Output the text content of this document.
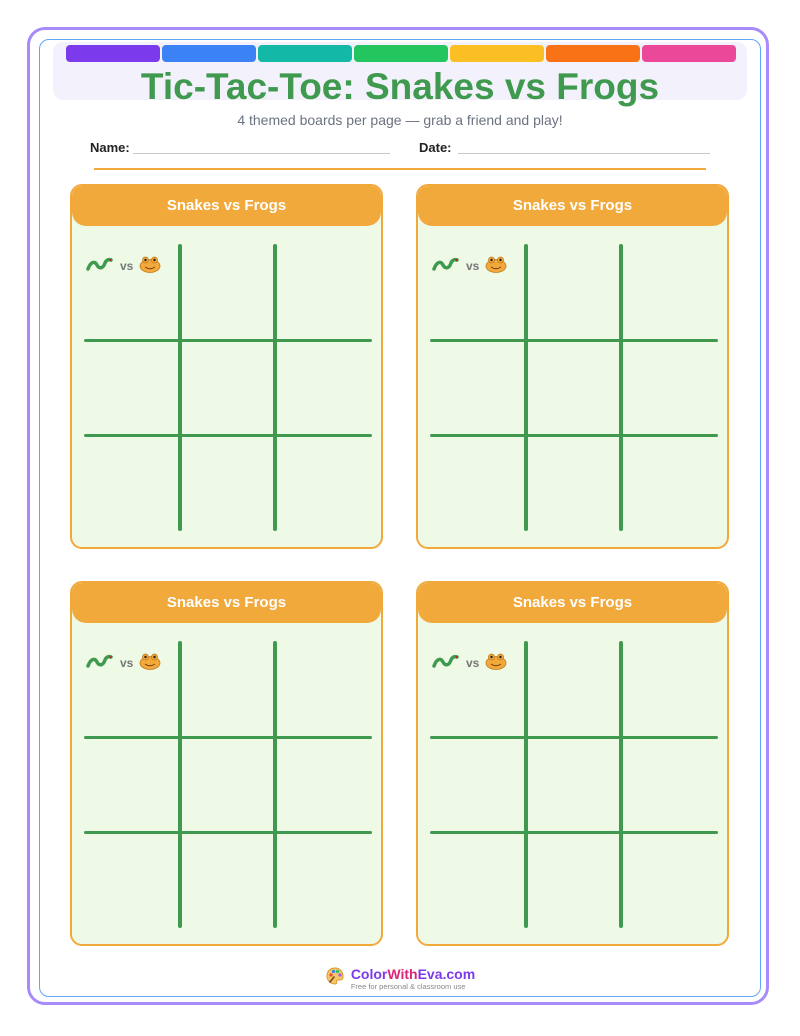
Tic-Tac-Toe: Snakes vs Frogs
4 themed boards per page — grab a friend and play!
Name:	Date:
Snakes vs Frogs
vs
Snakes vs Frogs
vs
Snakes vs Frogs
vs
Snakes vs Frogs
vs
ColorWithEva.com
Free for personal & classroom use
